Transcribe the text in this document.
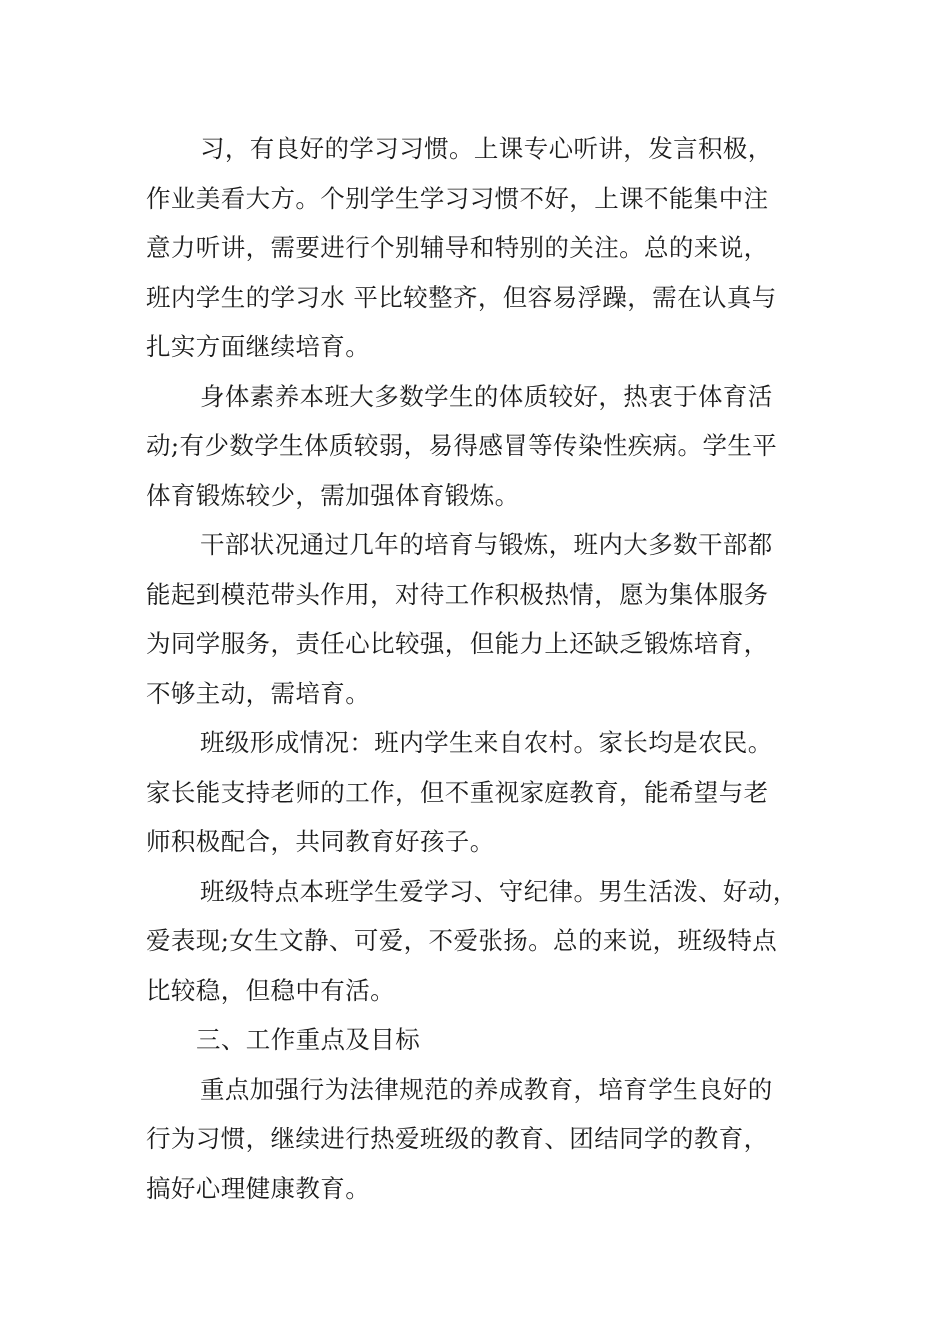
习，有良好的学习习惯。上课专心听讲，发言积极，
作业美看大方。个别学生学习习惯不好，上课不能集中注
意力听讲，需要进行个别辅导和特别的关注。总的来说，
班内学生的学习水 平比较整齐，但容易浮躁，需在认真与
扎实方面继续培育。

身体素养本班大多数学生的体质较好，热衷于体育活
动;有少数学生体质较弱，易得感冒等传染性疾病。学生平
体育锻炼较少，需加强体育锻炼。

干部状况通过几年的培育与锻炼，班内大多数干部都
能起到模范带头作用，对待工作积极热情，愿为集体服务
为同学服务，责任心比较强，但能力上还缺乏锻炼培育，
不够主动，需培育。

班级形成情况：班内学生来自农村。家长均是农民。
家长能支持老师的工作，但不重视家庭教育，能希望与老
师积极配合，共同教育好孩子。

班级特点本班学生爱学习、守纪律。男生活泼、好动，
爱表现;女生文静、可爱，不爱张扬。总的来说，班级特点
比较稳，但稳中有活。

三、工作重点及目标

重点加强行为法律规范的养成教育，培育学生良好的
行为习惯，继续进行热爱班级的教育、团结同学的教育，
搞好心理健康教育。
